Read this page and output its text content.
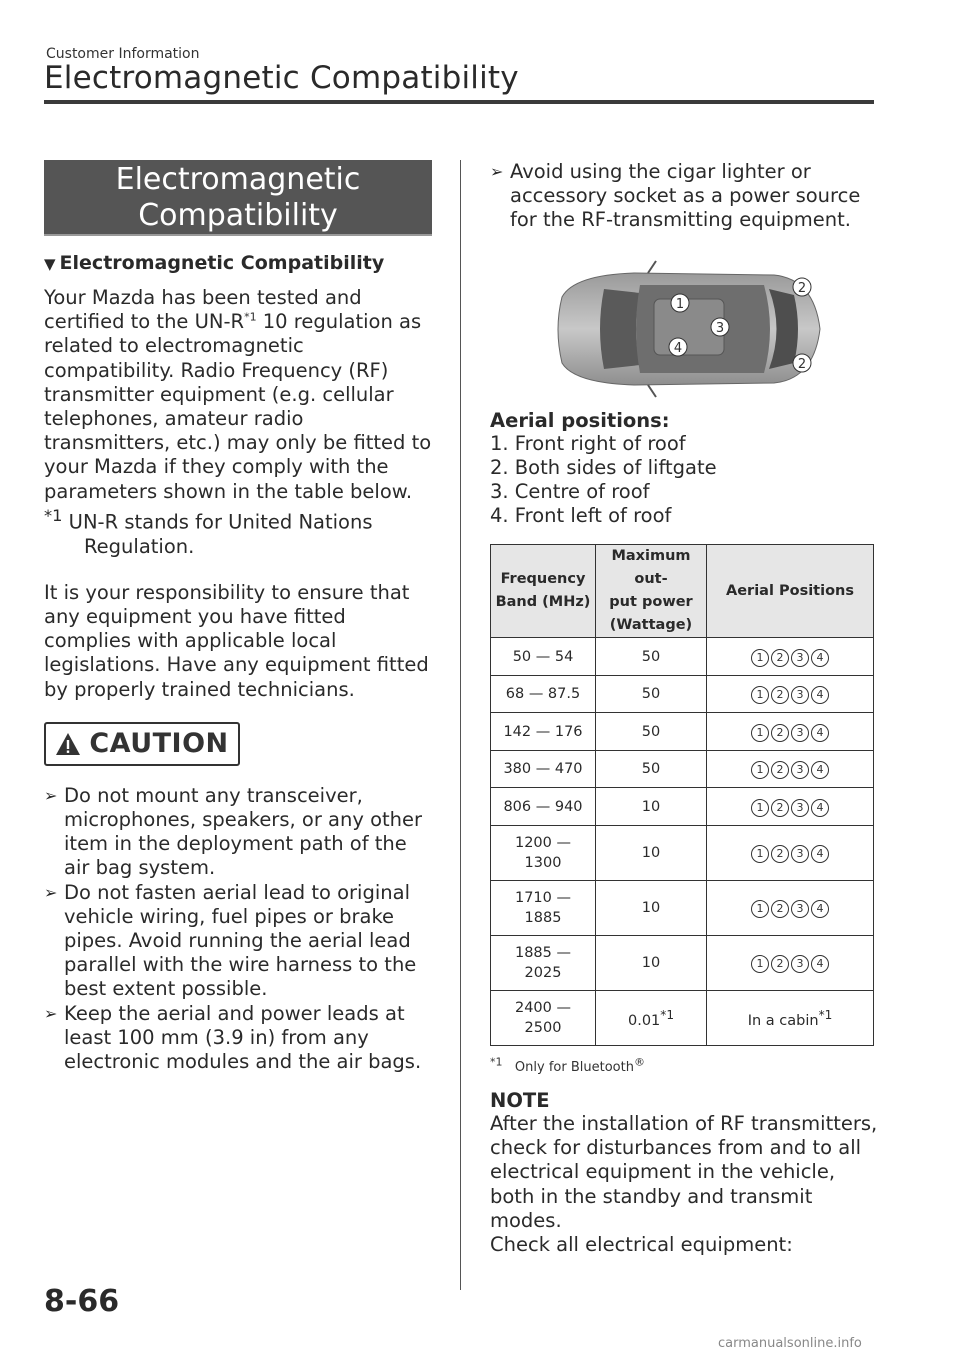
Customer Information
Electromagnetic Compatibility
Electromagnetic
Compatibility
▼ Electromagnetic Compatibility
Your Mazda has been tested and certified to the $UN-R^{*1}$ 10 regulation as related to electromagnetic compatibility. Radio Frequency (RF) transmitter equipment (e.g. cellular telephones, amateur radio transmitters, etc.) may only be fitted to your Mazda if they comply with the parameters shown in the table below.
$^{*1}$ UN-R stands for United Nations
Regulation.
It is your responsibility to ensure that any equipment you have fitted complies with applicable local legislations. Have any equipment fitted by properly trained technicians.
CAUTION
➢ Do not mount any transceiver, microphones, speakers, or any other item in the deployment path of the air bag system.
➢ Do not fasten aerial lead to original vehicle wiring, fuel pipes or brake pipes. Avoid running the aerial lead parallel with the wire harness to the best extent possible.
➢ Keep the aerial and power leads at least 100 mm (3.9 in) from any electronic modules and the air bags.
➢ Avoid using the cigar lighter or accessory socket as a power source for the RF-transmitting equipment.
1
2
3
4
2
Aerial positions:
1. Front right of roof
2. Both sides of liftgate
3. Centre of roof
4. Front left of roof
Frequency
Band (MHz)	Maximum out-
put power
(Wattage)	Aerial Positions
50 — 54	50	1 2 3 4

68 — 87.5	50	1 2 3 4

142 — 176	50	1 2 3 4

380 — 470	50	1 2 3 4

806 — 940	10	1 2 3 4

1200 —
1300	10	1 2 3 4

1710 —
1885	10	1 2 3 4

1885 —
2025	10	1 2 3 4

2400 —
2500	0.01$^{*1}$	In a cabin$^{*1}$
$^{*1}$ Only for Bluetooth®
NOTE
After the installation of RF transmitters, check for disturbances from and to all electrical equipment in the vehicle, both in the standby and transmit modes.
Check all electrical equipment:
8-66
carmanualsonline.info
